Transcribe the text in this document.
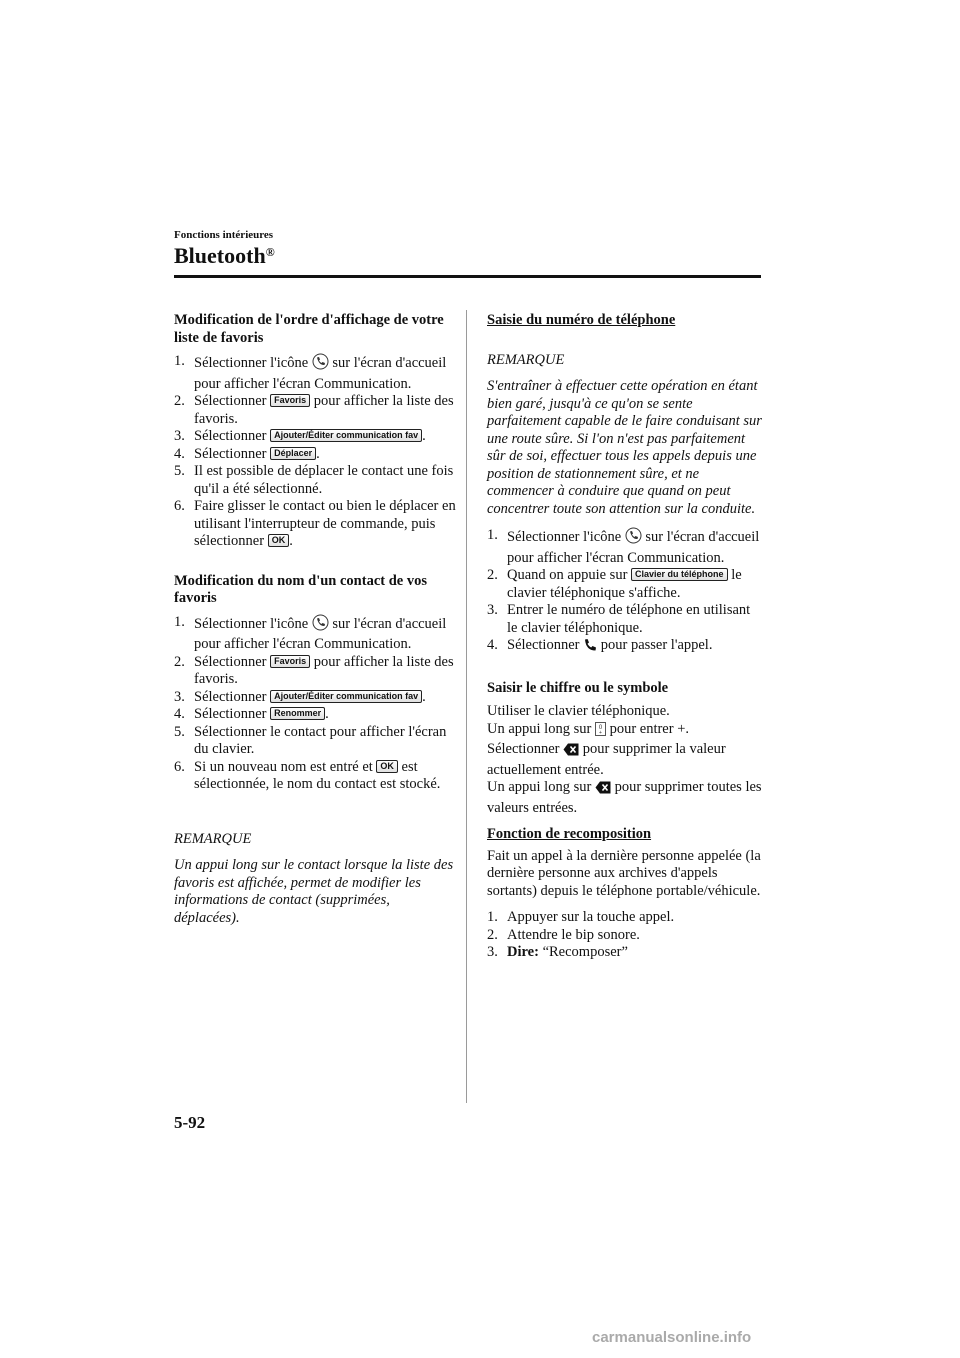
Fonctions intérieures
Bluetooth®
Modification de l'ordre d'affichage de votre liste de favoris
1. Sélectionner l'icône  sur l'écran d'accueil pour afficher l'écran Communication.
2. Sélectionner Favoris pour afficher la liste des favoris.
3. Sélectionner Ajouter/Éditer communication fav .
4. Sélectionner Déplacer .
5. Il est possible de déplacer le contact une fois qu'il a été sélectionné.
6. Faire glisser le contact ou bien le déplacer en utilisant l'interrupteur de commande, puis sélectionner OK .
Modification du nom d'un contact de vos favoris
1. Sélectionner l'icône  sur l'écran d'accueil pour afficher l'écran Communication.
2. Sélectionner Favoris pour afficher la liste des favoris.
3. Sélectionner Ajouter/Éditer communication fav .
4. Sélectionner Renommer .
5. Sélectionner le contact pour afficher l'écran du clavier.
6. Si un nouveau nom est entré et OK est sélectionnée, le nom du contact est stocké.

REMARQUE

Un appui long sur le contact lorsque la liste des favoris est affichée, permet de modifier les informations de contact (supprimées, déplacées).

Saisie du numéro de téléphone

REMARQUE

S'entraîner à effectuer cette opération en étant bien garé, jusqu'à ce qu'on se sente parfaitement capable de le faire conduisant sur une route sûre. Si l'on n'est pas parfaitement sûr de soi, effectuer tous les appels depuis une position de stationnement sûre, et ne commencer à conduire que quand on peut concentrer toute son attention sur la conduite.

1. Sélectionner l'icône  sur l'écran d'accueil pour afficher l'écran Communication.
2. Quand on appuie sur Clavier du téléphone le clavier téléphonique s'affiche.
3. Entrer le numéro de téléphone en utilisant le clavier téléphonique.
4. Sélectionner  pour passer l'appel.
Saisir le chiffre ou le symbole

Utiliser le clavier téléphonique.

Un appui long sur 0
+ pour entrer +.

Sélectionner  pour supprimer la valeur actuellement entrée.

Un appui long sur  pour supprimer toutes les valeurs entrées.

Fonction de recomposition

Fait un appel à la dernière personne appelée (la dernière personne aux archives d'appels sortants) depuis le téléphone portable/véhicule.

1. Appuyer sur la touche appel.
2. Attendre le bip sonore.
3. Dire: “Recomposer”
5-92
carmanualsonline.info
